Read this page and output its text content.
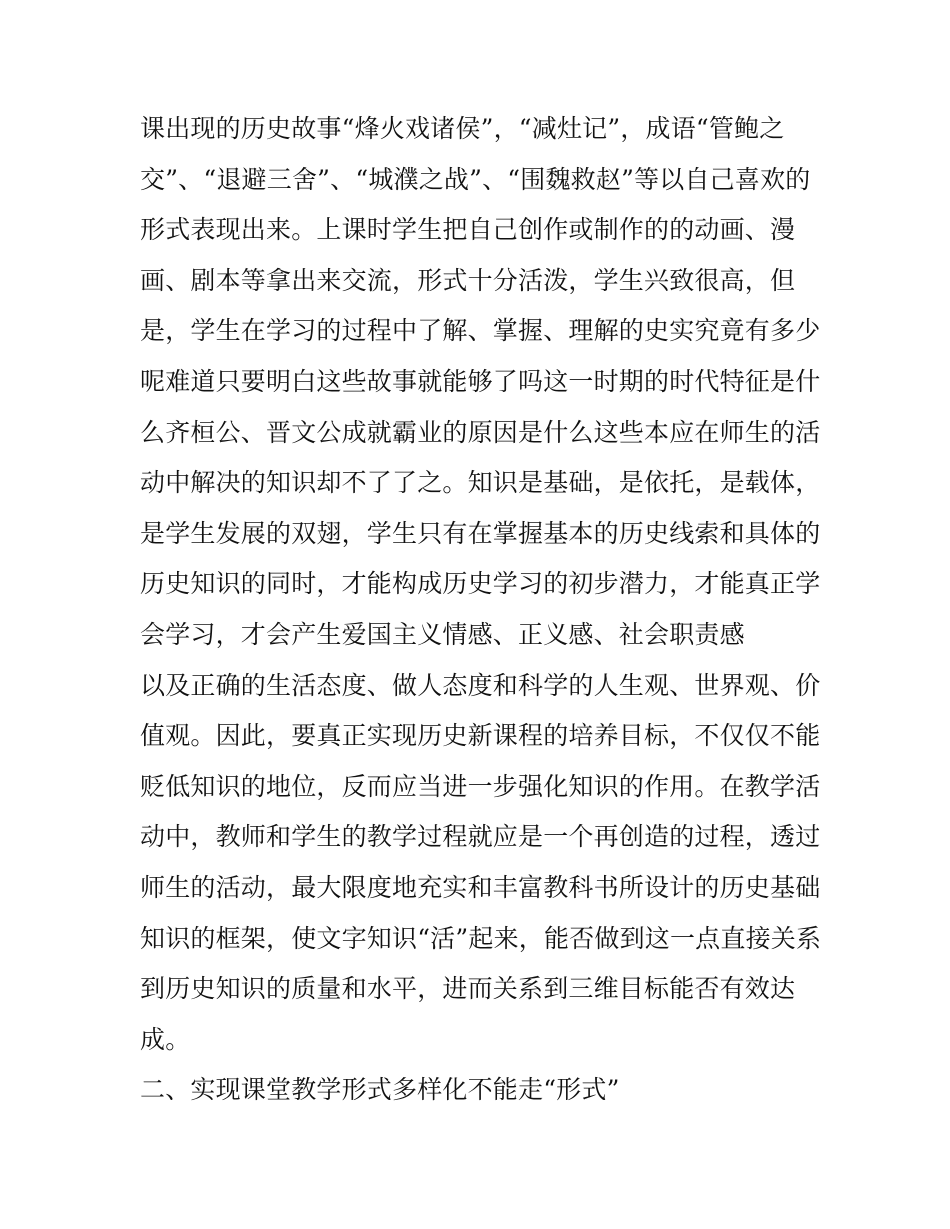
课出现的历史故事“烽火戏诸侯”，“减灶记”，成语“管鲍之
交”、“退避三舍”、“城濮之战”、“围魏救赵”等以自己喜欢的
形式表现出来。上课时学生把自己创作或制作的的动画、漫
画、剧本等拿出来交流，形式十分活泼，学生兴致很高，但
是，学生在学习的过程中了解、掌握、理解的史实究竟有多少
呢难道只要明白这些故事就能够了吗这一时期的时代特征是什
么齐桓公、晋文公成就霸业的原因是什么这些本应在师生的活
动中解决的知识却不了了之。知识是基础，是依托，是载体，
是学生发展的双翅，学生只有在掌握基本的历史线索和具体的
历史知识的同时，才能构成历史学习的初步潜力，才能真正学
会学习，才会产生爱国主义情感、正义感、社会职责感
以及正确的生活态度、做人态度和科学的人生观、世界观、价
值观。因此，要真正实现历史新课程的培养目标，不仅仅不能
贬低知识的地位，反而应当进一步强化知识的作用。在教学活
动中，教师和学生的教学过程就应是一个再创造的过程，透过
师生的活动，最大限度地充实和丰富教科书所设计的历史基础
知识的框架，使文字知识“活”起来，能否做到这一点直接关系
到历史知识的质量和水平，进而关系到三维目标能否有效达
成。
二、实现课堂教学形式多样化不能走“形式”
